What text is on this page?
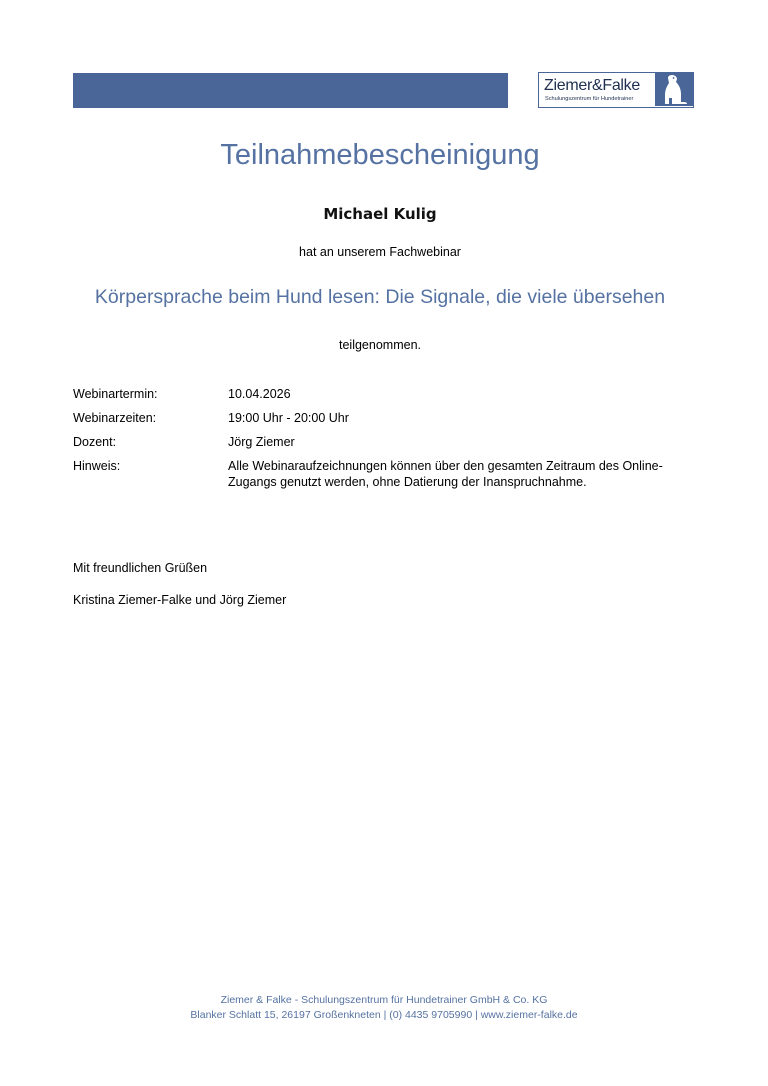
Ziemer&Falke
Schulungszentrum für Hundetrainer
Teilnahmebescheinigung
Michael Kulig
hat an unserem Fachwebinar
Körpersprache beim Hund lesen: Die Signale, die viele übersehen
teilgenommen.
Webinartermin:	10.04.2026
Webinarzeiten:	19:00 Uhr - 20:00 Uhr
Dozent:	Jörg Ziemer
Hinweis:	Alle Webinaraufzeichnungen können über den gesamten Zeitraum des Online-Zugangs genutzt werden, ohne Datierung der Inanspruchnahme.
Mit freundlichen Grüßen
Kristina Ziemer-Falke und Jörg Ziemer
Ziemer & Falke - Schulungszentrum für Hundetrainer GmbH & Co. KG
Blanker Schlatt 15, 26197 Großenkneten | (0) 4435 9705990 | www.ziemer-falke.de
